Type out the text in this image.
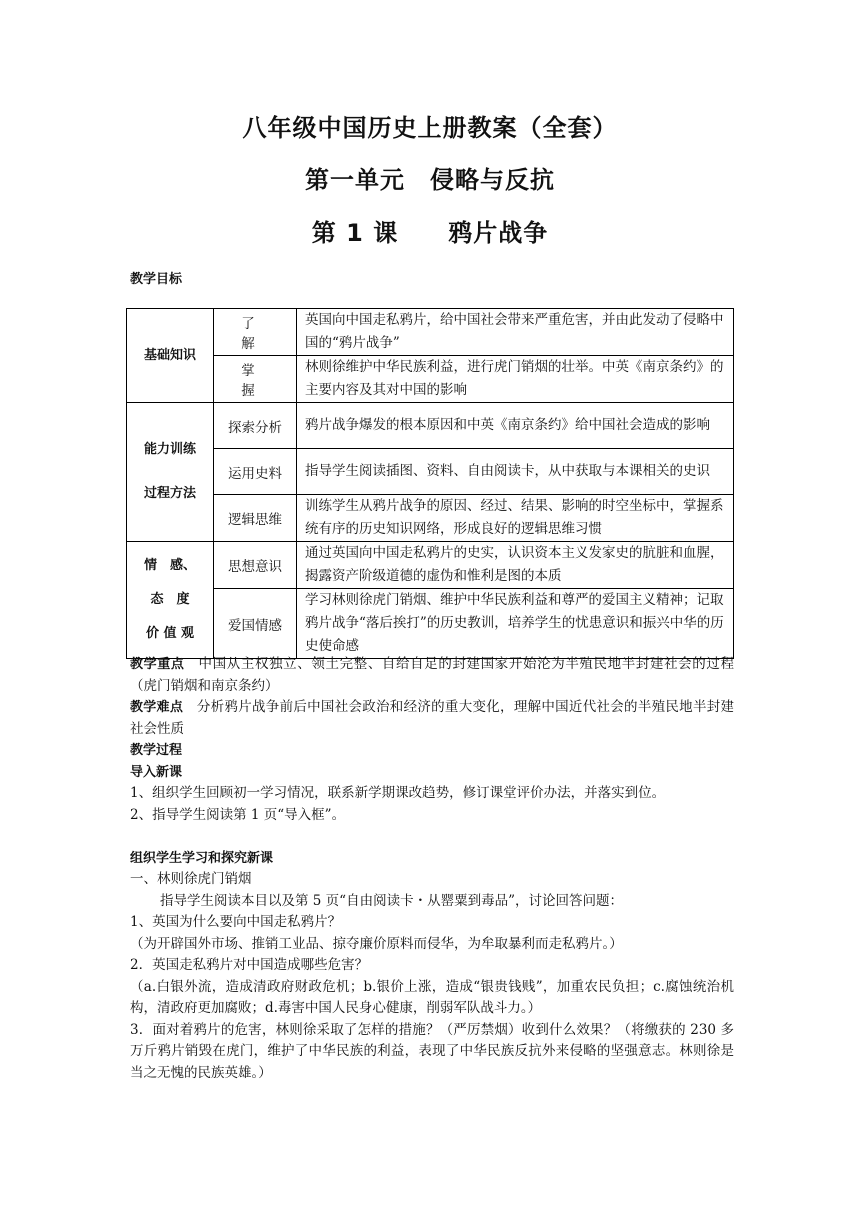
八年级中国历史上册教案（全套）
第一单元　侵略与反抗
第 1 课 鸦片战争
教学目标
基础知识	了　解	英国向中国走私鸦片，给中国社会带来严重危害，并由此发动了侵略中国的“鸦片战争”
	掌　握	林则徐维护中华民族利益，进行虎门销烟的壮举。中英《南京条约》的主要内容及其对中国的影响

能力训练
过程方法	探索分析	鸦片战争爆发的根本原因和中英《南京条约》给中国社会造成的影响
	运用史料	指导学生阅读插图、资料、自由阅读卡，从中获取与本课相关的史识
	逻辑思维	训练学生从鸦片战争的原因、经过、结果、影响的时空坐标中，掌握系统有序的历史知识网络，形成良好的逻辑思维习惯

情　感、
态　度
价 值 观	思想意识	通过英国向中国走私鸦片的史实，认识资本主义发家史的肮脏和血腥，揭露资产阶级道德的虚伪和惟利是图的本质
	爱国情感	学习林则徐虎门销烟、维护中华民族利益和尊严的爱国主义精神；记取鸦片战争“落后挨打”的历史教训，培养学生的忧患意识和振兴中华的历史使命感

教学重点　 中国从主权独立、领土完整、自给自足的封建国家开始沦为半殖民地半封建社会的过程（虎门销烟和南京条约）

教学难点　 分析鸦片战争前后中国社会政治和经济的重大变化，理解中国近代社会的半殖民地半封建社会性质

教学过程

导入新课

1、组织学生回顾初一学习情况，联系新学期课改趋势，修订课堂评价办法，并落实到位。

2、指导学生阅读第 1 页“导入框”。

组织学生学习和探究新课

一、林则徐虎门销烟

指导学生阅读本目以及第 5 页“自由阅读卡・从罂粟到毒品”，讨论回答问题：

1、英国为什么要向中国走私鸦片？

（为开辟国外市场、推销工业品、掠夺廉价原料而侵华，为牟取暴利而走私鸦片。）

2．英国走私鸦片对中国造成哪些危害？

（a.白银外流，造成清政府财政危机；b.银价上涨，造成“银贵钱贱”，加重农民负担；c.腐蚀统治机构，清政府更加腐败；d.毒害中国人民身心健康，削弱军队战斗力。）

3．面对着鸦片的危害，林则徐采取了怎样的措施？（严厉禁烟）收到什么效果？（将缴获的 230 多万斤鸦片销毁在虎门，维护了中华民族的利益，表现了中华民族反抗外来侵略的坚强意志。林则徐是当之无愧的民族英雄。）
